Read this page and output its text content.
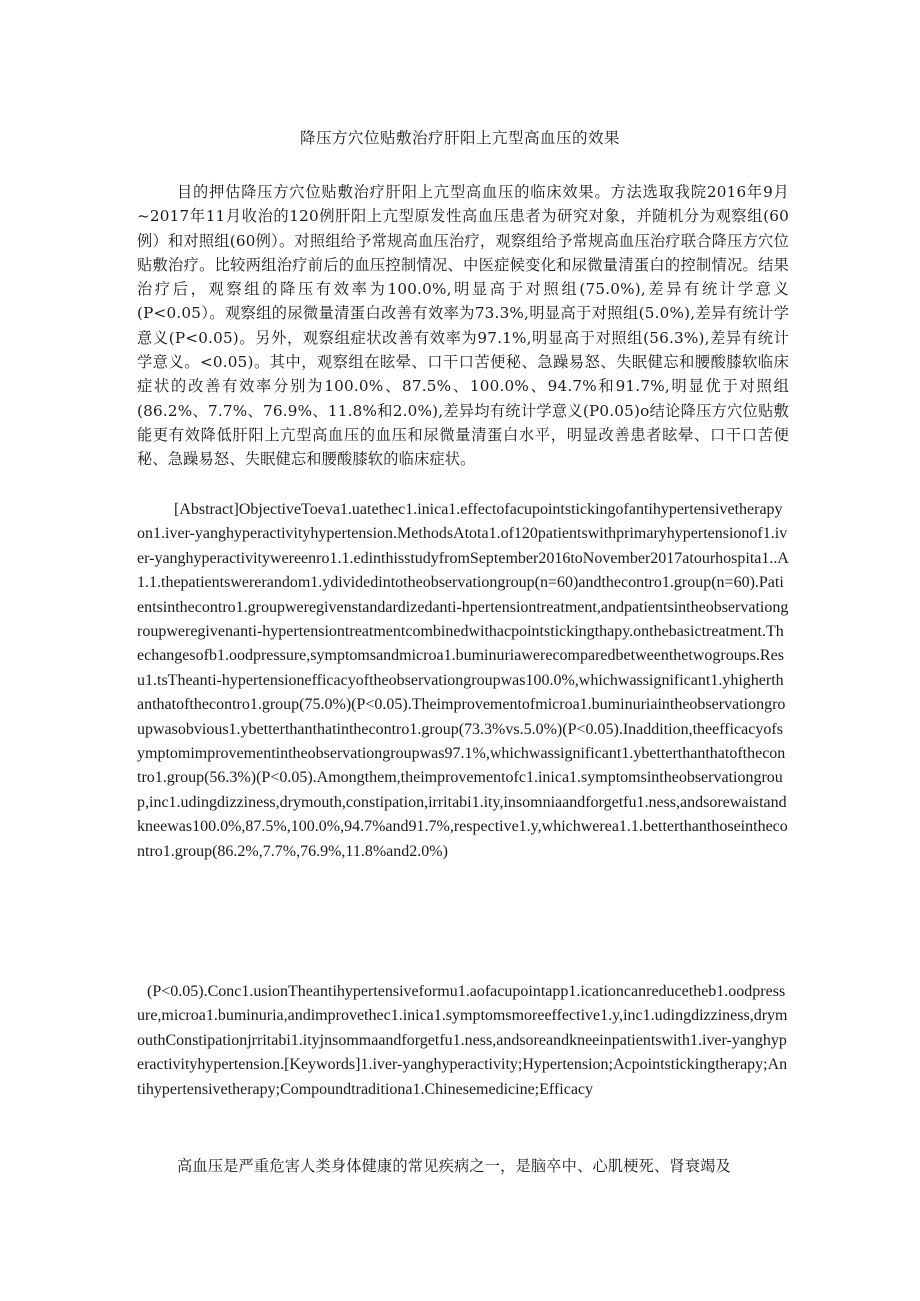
降压方穴位贴敷治疗肝阳上亢型高血压的效果

目的押估降压方穴位贴敷治疗肝阳上亢型高血压的临床效果。方法选取我院2016年9月~2017年11月收治的120例肝阳上亢型原发性高血压患者为研究对象，并随机分为观察组(60例）和对照组(60例）。对照组给予常规高血压治疗，观察组给予常规高血压治疗联合降压方穴位贴敷治疗。比较两组治疗前后的血压控制情况、中医症候变化和尿微量清蛋白的控制情况。结果治疗后，观察组的降压有效率为100.0%,明显高于对照组(75.0%),差异有统计学意义(P<0.05）。观察组的尿微量清蛋白改善有效率为73.3%,明显高于对照组(5.0%),差异有统计学意义(P<0.05)。另外，观察组症状改善有效率为97.1%,明显高于对照组(56.3%),差异有统计学意义。<0.05)。其中，观察组在眩晕、口干口苦便秘、急躁易怒、失眠健忘和腰酸膝软临床症状的改善有效率分别为100.0%、87.5%、100.0%、94.7%和91.7%,明显优于对照组(86.2%、7.7%、76.9%、11.8%和2.0%),差异均有统计学意义(P0.05)o结论降压方穴位贴敷能更有效降低肝阳上亢型高血压的血压和尿微量清蛋白水平，明显改善患者眩晕、口干口苦便秘、急躁易怒、失眠健忘和腰酸膝软的临床症状。

[Abstract]ObjectiveToeva1.uatethec1.inica1.effectofacupointstickingofantihypertensivetherapyon1.iver-yanghyperactivityhypertension.MethodsAtota1.of120patientswithprimaryhypertensionof1.iver-yanghyperactivitywereenro1.1.edinthisstudyfromSeptember2016toNovember2017atourhospita1..A1.1.thepatientswererandom1.ydividedintotheobservationgroup(n=60)andthecontro1.group(n=60).Patientsinthecontro1.groupweregivenstandardizedanti-hpertensiontreatment,andpatientsintheobservationgroupweregivenanti-hypertensiontreatmentcombinedwithacpointstickingthapy.onthebasictreatment.Thechangesofb1.oodpressure,symptomsandmicroa1.buminuriawerecomparedbetweenthetwogroups.Resu1.tsTheanti-hypertensionefficacyoftheobservationgroupwas100.0%,whichwassignificant1.yhigherthanthatofthecontro1.group(75.0%)(P<0.05).Theimprovementofmicroa1.buminuriaintheobservationgroupwasobvious1.ybetterthanthatinthecontro1.group(73.3%vs.5.0%)(P<0.05).Inaddition,theefficacyofsymptomimprovementintheobservationgroupwas97.1%,whichwassignificant1.ybetterthanthatofthecontro1.group(56.3%)(P<0.05).Amongthem,theimprovementofc1.inica1.symptomsintheobservationgroup,inc1.udingdizziness,drymouth,constipation,irritabi1.ity,insomniaandforgetfu1.ness,andsorewaistandkneewas100.0%,87.5%,100.0%,94.7%and91.7%,respective1.y,whichwerea1.1.betterthanthoseinthecontro1.group(86.2%,7.7%,76.9%,11.8%and2.0%)

(P<0.05).Conc1.usionTheantihypertensiveformu1.aofacupointapp1.icationcanreducetheb1.oodpressure,microa1.buminuria,andimprovethec1.inica1.symptomsmoreeffective1.y,inc1.udingdizziness,drymouthConstipationjrritabi1.ityjnsommaandforgetfu1.ness,andsoreandkneeinpatientswith1.iver-yanghyperactivityhypertension.[Keywords]1.iver-yanghyperactivity;Hypertension;Acpointstickingtherapy;Antihypertensivetherapy;Compoundtraditiona1.Chinesemedicine;Efficacy

高血压是严重危害人类身体健康的常见疾病之一，是脑卒中、心肌梗死、肾衰竭及
